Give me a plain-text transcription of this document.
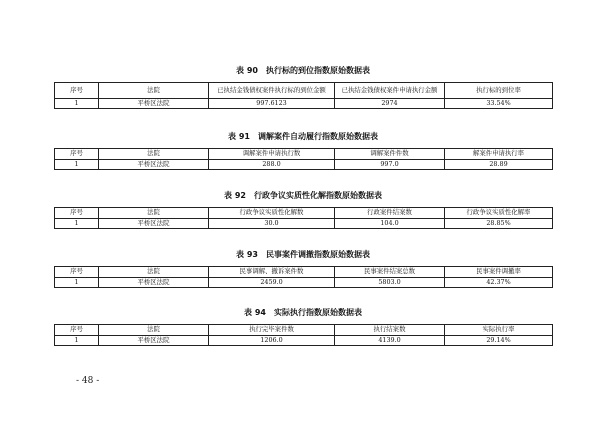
表 90　执行标的到位指数原始数据表
序号	法院	已执结金钱债权案件执行标的到位金额	已执结金钱债权案件申请执行金额	执行标的到位率
1	平桥区法院	997.6123	2974	33.54%
表 91　调解案件自动履行指数原始数据表
序号	法院	调解案件申请执行数	调解案件件数	解案件申请执行率
1	平桥区法院	288.0	997.0	28.89
表 92　行政争议实质性化解指数原始数据表
序号	法院	行政争议实质性化解数	行政案件结案数	行政争议实质性化解率
1	平桥区法院	30.0	104.0	28.85%
表 93　民事案件调撤指数原始数据表
序号	法院	民事调解、撤诉案件数	民事案件结案总数	民事案件调撤率
1	平桥区法院	2459.0	5803.0	42.37%
表 94　实际执行指数原始数据表
序号	法院	执行完毕案件数	执行结案数	实际执行率
1	平桥区法院	1206.0	4139.0	29.14%
- 48 -
